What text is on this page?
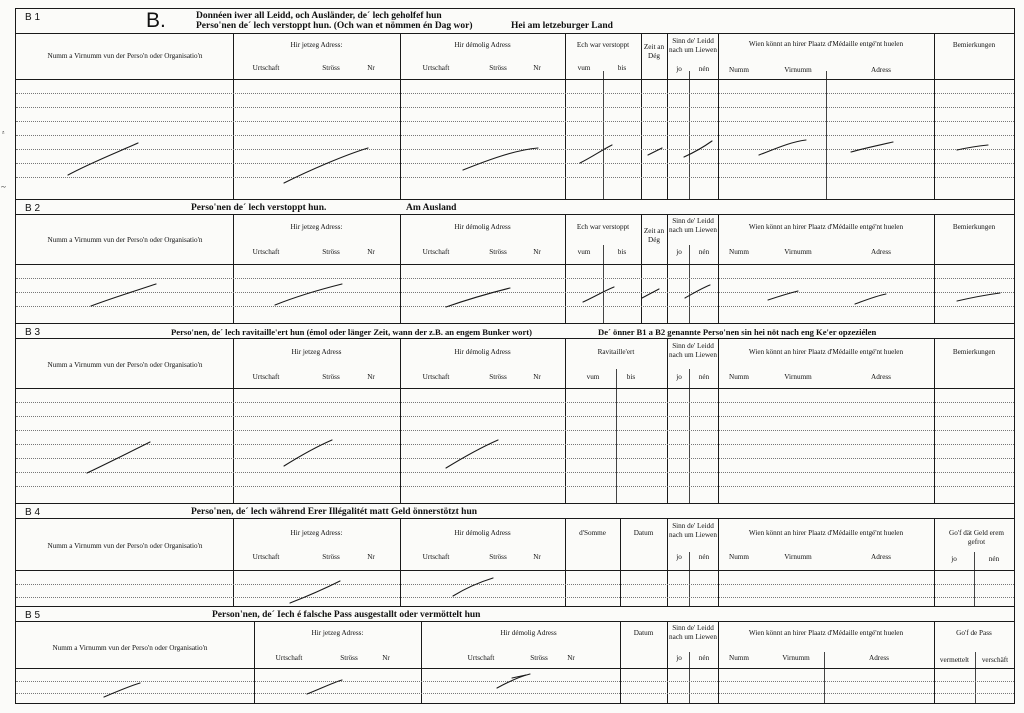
B 1	B.	Donnéen iwer all Leidd, och Ausländer, de´ lech geholfef hun
Perso'nen de´ lech verstoppt hun. (Och wan et nömmen én Dag wor)	Hei am letzeburger Land
Numm a Virnumm vun der Perso'n oder Organisatio'n
Hir jetzeg Adress:
Urtschaft	Ströss	Nr
Hir démolig Adress
Urtschaft	Ströss	Nr
Ech war verstoppt
vum	bis
Zeit an Dég
Sinn de' Leidd nach um Liewen
jo	nén
Wien könnt an hirer Plaatz d'Médaille entgé'nt huelen
Numm	Virnumm	Adress
Bemierkungen
B 2	Perso'nen de´ lech verstoppt hun.	Am Ausland
Numm a Virnumm vun der Perso'n oder Organisatio'n
Hir jetzeg Adress:
Urtschaft	Ströss	Nr
Hir démolig Adress
Urtschaft	Ströss	Nr
Ech war verstoppt
vum	bis
Zeit an Dég
Sinn de' Leidd nach um Liewen
jo	nén
Wien könnt an hirer Plaatz d'Médaille entgé'nt huelen
Numm	Virnumm	Adress
Bemierkungen
B 3	Perso'nen, de´ lech ravitaille'ert hun (émol oder länger Zeit, wann der z.B. an engem Bunker wort)	De´ önner B1 a B2 genannte Perso'nen sin hei nöt nach eng Ke'er opzeziélen
Numm a Virnumm vun der Perso'n oder Organisatio'n
Hir jetzeg Adress
Urtschaft	Ströss	Nr
Hir démolig Adress
Urtschaft	Ströss	Nr
Ravitaille'ert
vum	bis
Sinn de' Leidd nach um Liewen
jo	nén
Wien könnt an hirer Plaatz d'Médaille entgé'nt huelen
Numm	Virnumm	Adress
Bemierkungen
B 4	Perso'nen, de´ lech während Erer Illégalitét matt Geld önnerstötzt hun
Numm a Virnumm vun der Perso'n oder Organisatio'n
Hir jetzeg Adress:
Urtschaft	Ströss	Nr
Hir démolig Adress
Urtschaft	Ströss	Nr
d'Somme	Datum
Sinn de' Leidd nach um Liewen
jo	nén
Wien könnt an hirer Plaatz d'Médaille entgé'nt huelen
Numm	Virnumm	Adress
Go'f dät Geld erem gefrot
jo	nén
B 5	Person'nen, de´ Iech é falsche Pass ausgestallt oder vermöttelt hun
Numm a Virnumm vun der Perso'n oder Organisatio'n
Hir jetzeg Adress:
Urtschaft	Ströss	Nr
Hir démolig Adress
Urtschaft	Ströss	Nr
Datum
Sinn de' Leidd nach um Liewen
jo	nén
Wien könnt an hirer Plaatz d'Médaille entgé'nt huelen
Numm	Virnumm	Adress
Go'f de Pass
vermettelt	verschäft
ᶻ
~
